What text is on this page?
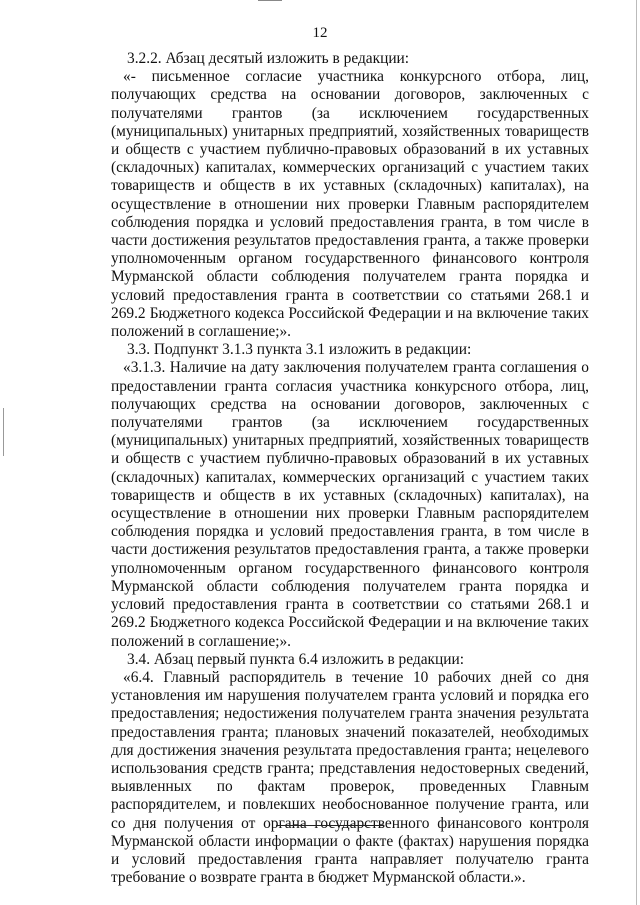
12

3.2.2. Абзац десятый изложить в редакции:

«- письменное согласие участника конкурсного отбора, лиц, получающих средства на основании договоров, заключенных с получателями грантов (за исключением государственных (муниципальных) унитарных предприятий, хозяйственных товариществ и обществ с участием публично-правовых образований в их уставных (складочных) капиталах, коммерческих организаций с участием таких товариществ и обществ в их уставных (складочных) капиталах), на осуществление в отношении них проверки Главным распорядителем соблюдения порядка и условий предоставления гранта, в том числе в части достижения результатов предоставления гранта, а также проверки уполномоченным органом государственного финансового контроля Мурманской области соблюдения получателем гранта порядка и условий предоставления гранта в соответствии со статьями 268.1 и 269.2 Бюджетного кодекса Российской Федерации и на включение таких положений в соглашение;».

3.3. Подпункт 3.1.3 пункта 3.1 изложить в редакции:

«3.1.3. Наличие на дату заключения получателем гранта соглашения о предоставлении гранта согласия участника конкурсного отбора, лиц, получающих средства на основании договоров, заключенных с получателями грантов (за исключением государственных (муниципальных) унитарных предприятий, хозяйственных товариществ и обществ с участием публично-правовых образований в их уставных (складочных) капиталах, коммерческих организаций с участием таких товариществ и обществ в их уставных (складочных) капиталах), на осуществление в отношении них проверки Главным распорядителем соблюдения порядка и условий предоставления гранта, в том числе в части достижения результатов предоставления гранта, а также проверки уполномоченным органом государственного финансового контроля Мурманской области соблюдения получателем гранта порядка и условий предоставления гранта в соответствии со статьями 268.1 и 269.2 Бюджетного кодекса Российской Федерации и на включение таких положений в соглашение;».

3.4. Абзац первый пункта 6.4 изложить в редакции:

«6.4. Главный распорядитель в течение 10 рабочих дней со дня установления им нарушения получателем гранта условий и порядка его предоставления; недостижения получателем гранта значения результата предоставления гранта; плановых значений показателей, необходимых для достижения значения результата предоставления гранта; нецелевого использования средств гранта; представления недостоверных сведений, выявленных по фактам проверок, проведенных Главным распорядителем, и повлекших необоснованное получение гранта, или со дня получения от органа государственного финансового контроля Мурманской области информации о факте (фактах) нарушения порядка и условий предоставления гранта направляет получателю гранта требование о возврате гранта в бюджет Мурманской области.».
